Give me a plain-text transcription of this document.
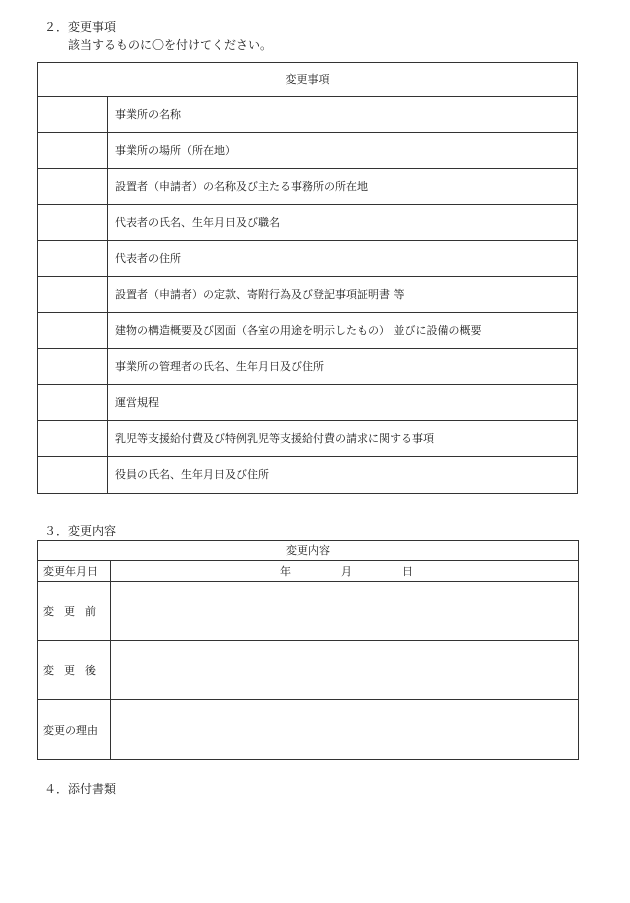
２．変更事項
該当するものに〇を付けてください。
変更事項
事業所の名称
事業所の場所（所在地）
設置者（申請者）の名称及び主たる事務所の所在地
代表者の氏名、生年月日及び職名
代表者の住所
設置者（申請者）の定款、寄附行為及び登記事項証明書 等
建物の構造概要及び図面（各室の用途を明示したもの） 並びに設備の概要
事業所の管理者の氏名、生年月日及び住所
運営規程
乳児等支援給付費及び特例乳児等支援給付費の請求に関する事項
役員の氏名、生年月日及び住所
３．変更内容
変更内容
変更年月日	年	月	日
変更前
変更後
変更の理由
４．添付書類
